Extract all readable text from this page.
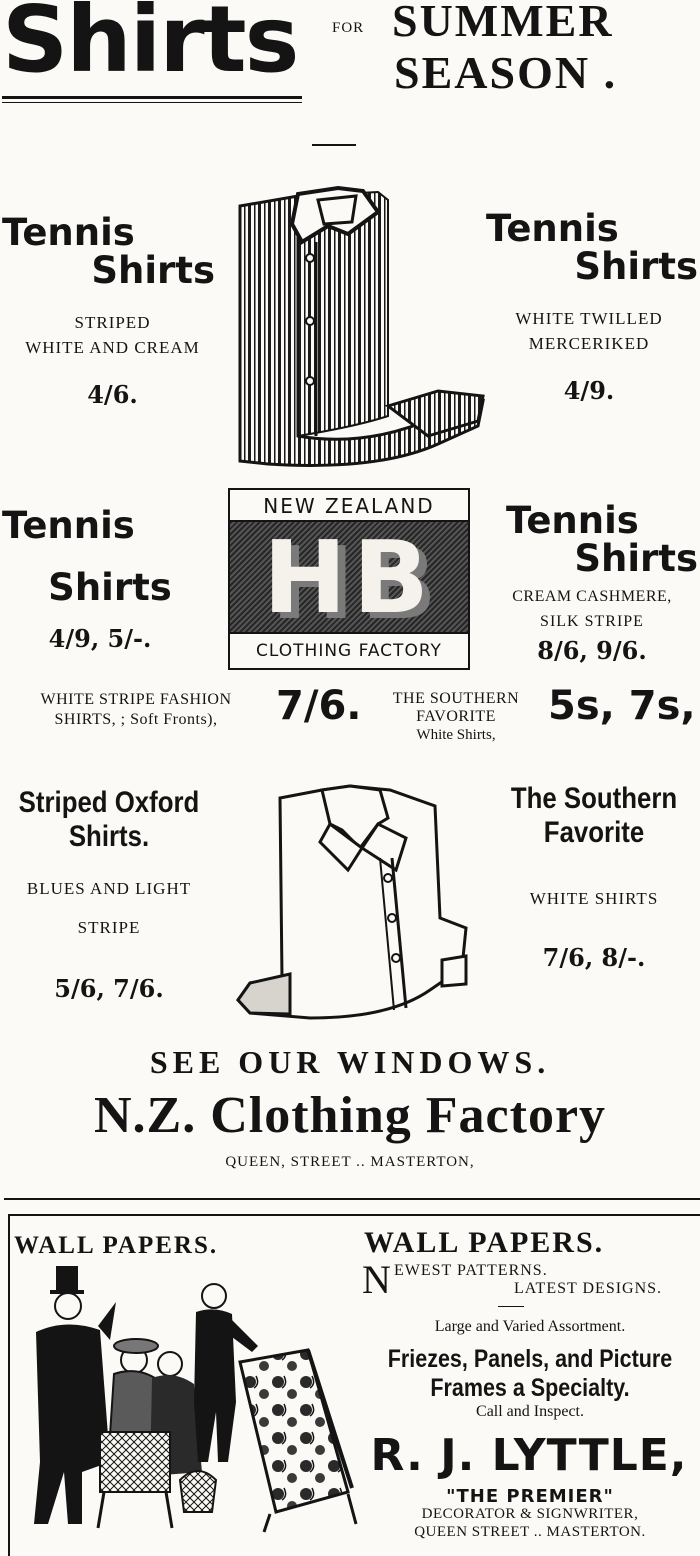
Shirts FOR SUMMER
SEASON .
Tennis
Shirts
STRIPED
WHITE AND CREAM
4/6.
Tennis
Shirts
WHITE TWILLED
MERCERIKED
4/9.
Tennis
Shirts
4/9, 5/-.
NEW ZEALAND
HB
CLOTHING FACTORY
Tennis
Shirts
CREAM CASHMERE,
SILK STRIPE
8/6, 9/6.
WHITE STRIPE FASHION
SHIRTS, ; Soft Fronts),	7/6.	THE SOUTHERN
FAVORITE
White Shirts,
5s, 7s,
Striped Oxford
Shirts.
BLUES AND LIGHT
STRIPE
5/6, 7/6.
The Southern
Favorite
WHITE SHIRTS
7/6, 8/-.
SEE OUR WINDOWS.
N.Z. Clothing Factory
QUEEN, STREET .. MASTERTON,
WALL PAPERS.	WALL PAPERS.
N EWEST PATTERNS.
LATEST DESIGNS.
Large and Varied Assortment.
Friezes, Panels, and Picture
Frames a Specialty.
Call and Inspect.
R. J. LYTTLE,
"THE PREMIER"
DECORATOR & SIGNWRITER,
QUEEN STREET .. MASTERTON.
